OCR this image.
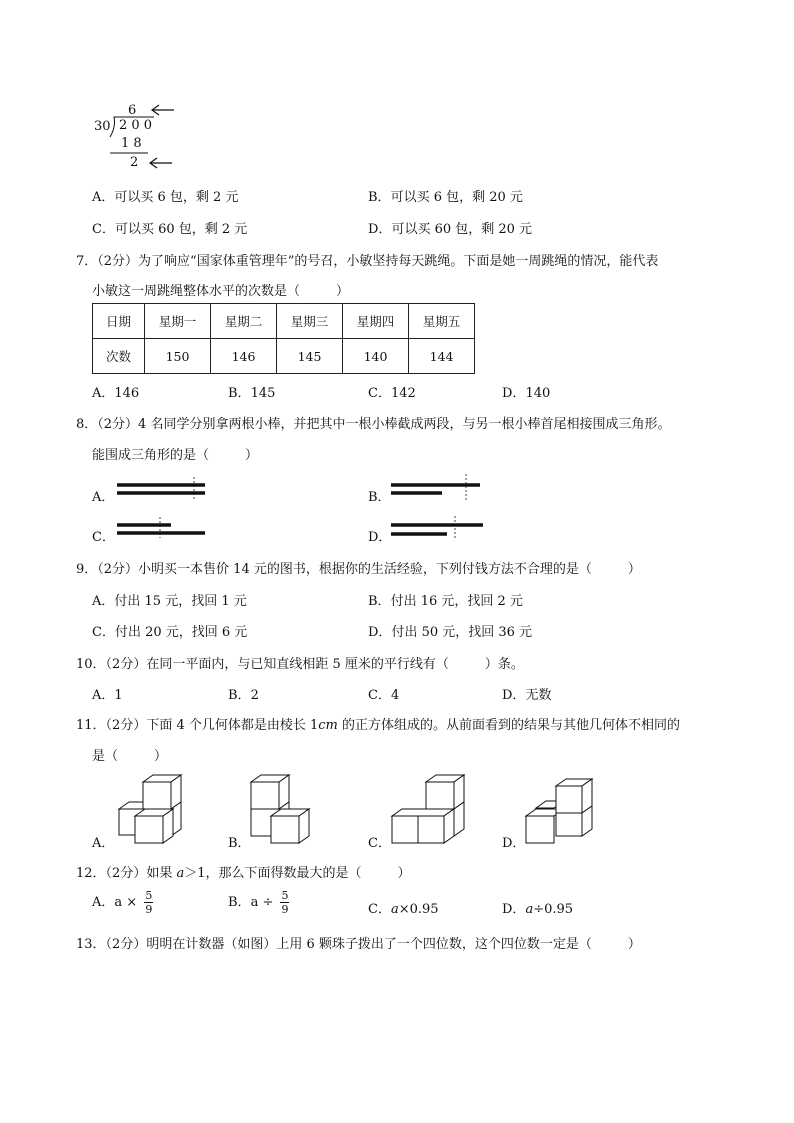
6
30 2 0 0
1 8
2
A．可以买 6 包，剩 2 元	B．可以买 6 包，剩 20 元
C．可以买 60 包，剩 2 元	D．可以买 60 包，剩 20 元
7．（2分）为了响应“国家体重管理年”的号召，小敏坚持每天跳绳。下面是她一周跳绳的情况，能代表
小敏这一周跳绳整体水平的次数是（	）
日期	星期一	星期二	星期三	星期四	星期五
次数	150	146	145	140	144
A．146	B．145	C．142	D．140
8．（2分）4 名同学分别拿两根小棒，并把其中一根小棒截成两段，与另一根小棒首尾相接围成三角形。
能围成三角形的是（	）
A．	B．
C．	D．
9．（2分）小明买一本售价 14 元的图书，根据你的生活经验，下列付钱方法不合理的是（	）
A．付出 15 元，找回 1 元	B．付出 16 元，找回 2 元
C．付出 20 元，找回 6 元	D．付出 50 元，找回 36 元
10．（2分）在同一平面内，与已知直线相距 5 厘米的平行线有（	）条。
A．1	B．2	C．4	D．无数
11．（2分）下面 4 个几何体都是由棱长 1cm 的正方体组成的。从前面看到的结果与其他几何体不相同的
是（	）
A．	B．	C．	D．
12．（2分）如果 a＞1，那么下面得数最大的是（	）
A．$a \times \frac{5}{9}$	B．$a \div \frac{5}{9}$	C．a×0.95	D．a÷0.95
13．（2分）明明在计数器（如图）上用 6 颗珠子拨出了一个四位数，这个四位数一定是（	）
